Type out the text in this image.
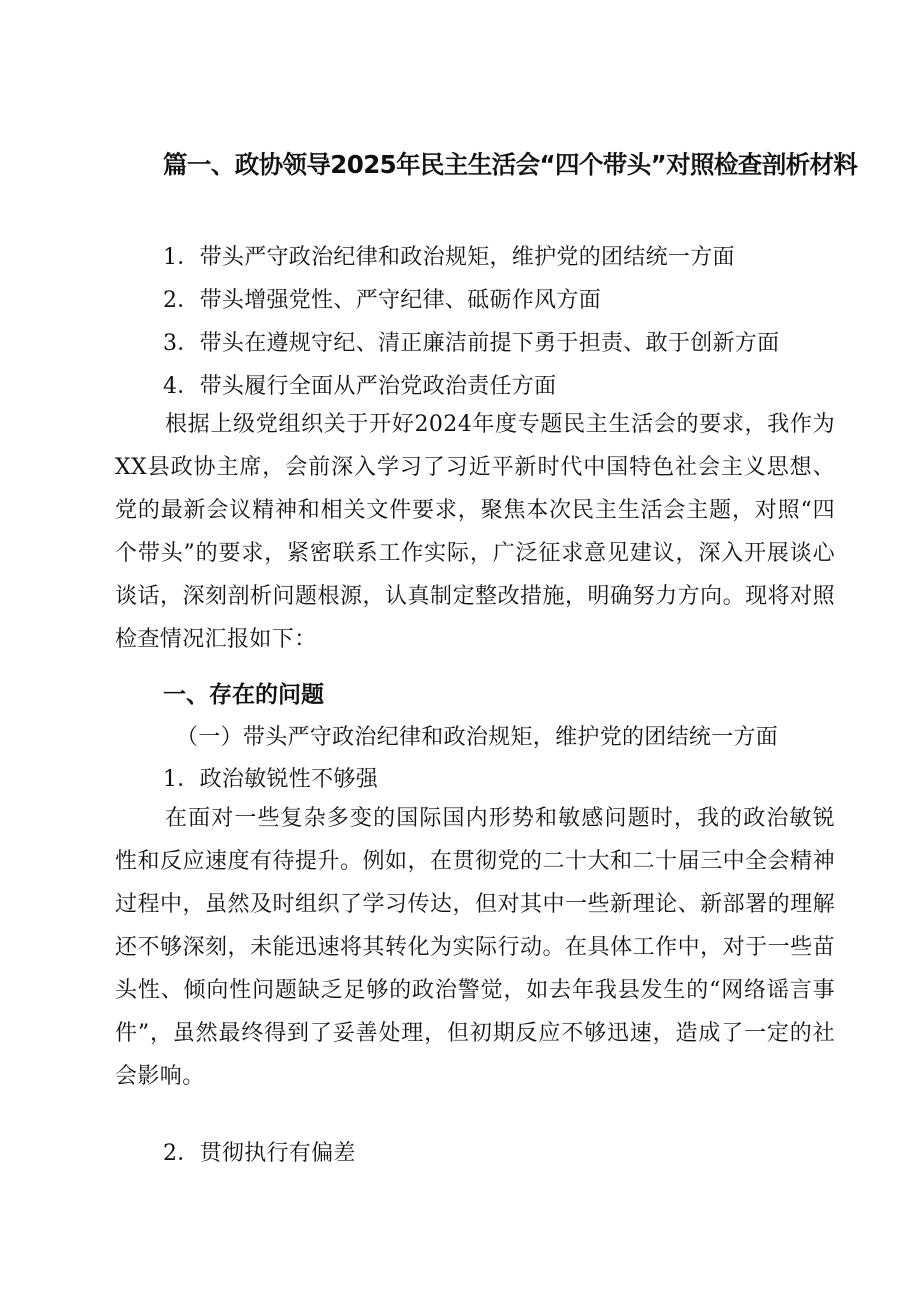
篇一、政协领导2025年民主生活会“四个带头”对照检查剖析材料
1．带头严守政治纪律和政治规矩，维护党的团结统一方面
2．带头增强党性、严守纪律、砥砺作风方面
3．带头在遵规守纪、清正廉洁前提下勇于担责、敢于创新方面
4．带头履行全面从严治党政治责任方面
根据上级党组织关于开好2024年度专题民主生活会的要求，我作为XX县政协主席，会前深入学习了习近平新时代中国特色社会主义思想、党的最新会议精神和相关文件要求，聚焦本次民主生活会主题，对照“四个带头”的要求，紧密联系工作实际，广泛征求意见建议，深入开展谈心谈话，深刻剖析问题根源，认真制定整改措施，明确努力方向。现将对照检查情况汇报如下：
一、存在的问题
（一）带头严守政治纪律和政治规矩，维护党的团结统一方面
1．政治敏锐性不够强
在面对一些复杂多变的国际国内形势和敏感问题时，我的政治敏锐性和反应速度有待提升。例如，在贯彻党的二十大和二十届三中全会精神过程中，虽然及时组织了学习传达，但对其中一些新理论、新部署的理解还不够深刻，未能迅速将其转化为实际行动。在具体工作中，对于一些苗头性、倾向性问题缺乏足够的政治警觉，如去年我县发生的“网络谣言事件”，虽然最终得到了妥善处理，但初期反应不够迅速，造成了一定的社会影响。
2．贯彻执行有偏差
